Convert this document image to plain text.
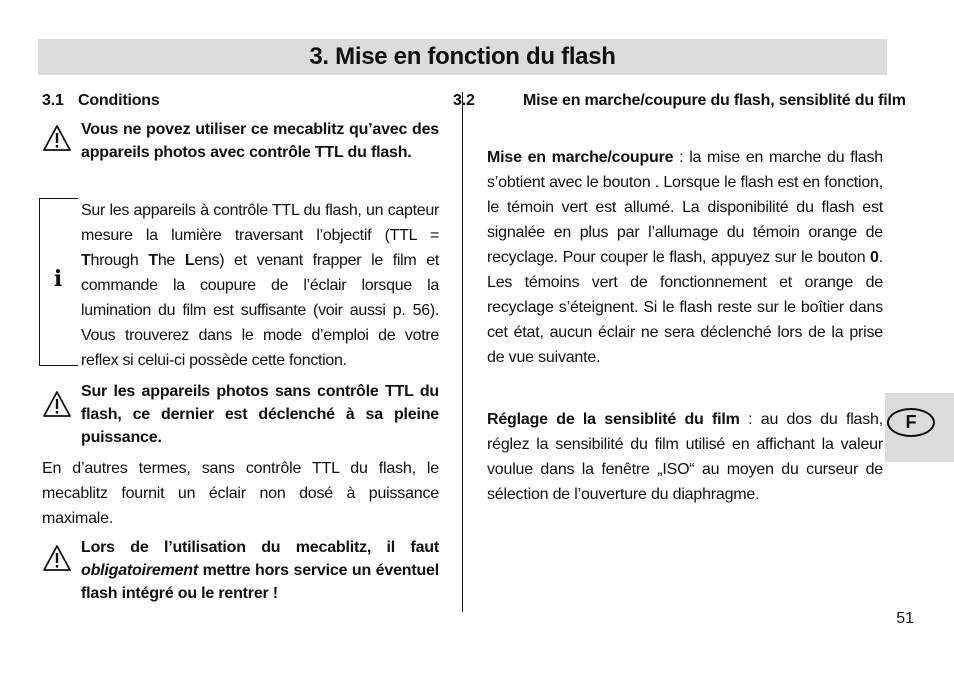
3. Mise en fonction du flash
3.1 Conditions
Vous ne povez utiliser ce mecablitz qu’avec des appareils photos avec contrôle TTL du flash.
i
Sur les appareils à contrôle TTL du flash, un capteur mesure la lumière traversant l’objectif (TTL = Through The Lens) et venant frapper le film et commande la coupure de l’éclair lorsque la lumination du film est suffisante (voir aussi p. 56). Vous trouverez dans le mode d’emploi de votre reflex si celui-ci possède cette fonction.
Sur les appareils photos sans contrôle TTL du flash, ce dernier est déclenché à sa pleine puissance.
En d’autres termes, sans contrôle TTL du flash, le mecablitz fournit un éclair non dosé à puissance maximale.
Lors de l’utilisation du mecablitz, il faut obligatoirement mettre hors service un éventuel flash intégré ou le rentrer !
3.2	Mise en marche/coupure du flash, sensiblité du film
Mise en marche/coupure : la mise en marche du flash s’obtient avec le bouton . Lorsque le flash est en fonction, le témoin vert est allumé. La disponibilité du flash est signalée en plus par l’allumage du témoin orange de recyclage. Pour couper le flash, appuyez sur le bouton 0. Les témoins vert de fonctionnement et orange de recyclage s’éteignent. Si le flash reste sur le boîtier dans cet état, aucun éclair ne sera déclenché lors de la prise de vue suivante.
Réglage de la sensiblité du film : au dos du flash, réglez la sensibilité du film utilisé en affichant la valeur voulue dans la fenêtre „ISO“ au moyen du curseur de sélection de l’ouverture du diaphragme.
F
51
